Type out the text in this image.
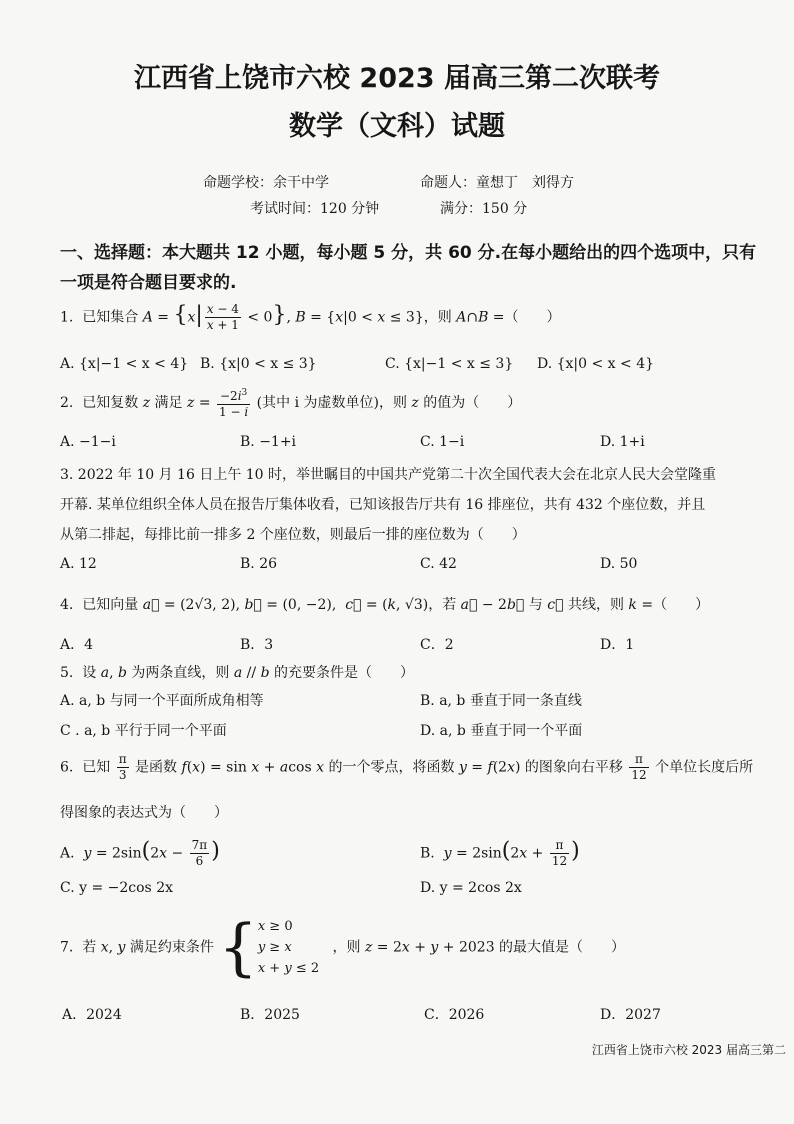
江西省上饶市六校 2023 届高三第二次联考
数学（文科）试题
命题学校：余干中学	命题人：童想丁　刘得方
考试时间：120 分钟	满分：150 分
一、选择题：本大题共 12 小题，每小题 5 分，共 60 分.在每小题给出的四个选项中，只有
一项是符合题目要求的.
1.  已知集合 $A = \{x| \frac{x - 4}{x + 1} < 0\}$, B = {x|0 < x ≤ 3}，则 A∩B =（　　）
A. {x|−1 < x < 4} B. {x|0 < x ≤ 3}	C. {x|−1 < x ≤ 3} D. {x|0 < x < 4}
2.  已知复数 z 满足 $z = \frac{-2i^3}{1 - i}$ (其中 i 为虚数单位)，则 z 的值为（　　）
A. −1−i	B. −1+i	C. 1−i	D. 1+i
3. 2022 年 10 月 16 日上午 10 时，举世瞩目的中国共产党第二十次全国代表大会在北京人民大会堂隆重
开幕. 某单位组织全体人员在报告厅集体收看，已知该报告厅共有 16 排座位，共有 432 个座位数，并且
从第二排起，每排比前一排多 2 个座位数，则最后一排的座位数为（　　）
A. 12	B. 26	C. 42	D. 50
4.  已知向量 a⃗ = (2√3, 2), b⃗ = (0, −2),  c⃗ = (k, √3)，若 a⃗ − 2b⃗ 与 c⃗ 共线，则 k =（　　）
A．4	B．3	C．2	D．1
5.  设 a, b 为两条直线，则 a // b 的充要条件是（　　）
A. a, b 与同一个平面所成角相等	B. a, b 垂直于同一条直线
C . a, b 平行于同一个平面	D. a, b 垂直于同一个平面
6.  已知 $\frac{\pi}{3}$ 是函数 f(x) = sin x + acos x 的一个零点，将函数 y = f(2x) 的图象向右平移 $\frac{\pi}{12}$ 个单位长度后所
得图象的表达式为（　　）
A.  $y = 2\sin(2x - \frac{7\pi}{6}$ )	B.  $y = 2\sin(2x + \frac{\pi}{12}$ )
C. y = −2cos 2x	D. y = 2cos 2x
7.  若 x, y 满足约束条件 {x ≥ 0
y ≥ x
x + y ≤ 2   ，则 z = 2x + y + 2023 的最大值是（　　）
A．2024	B．2025	C．2026	D．2027
江西省上饶市六校 2023 届高三第二
